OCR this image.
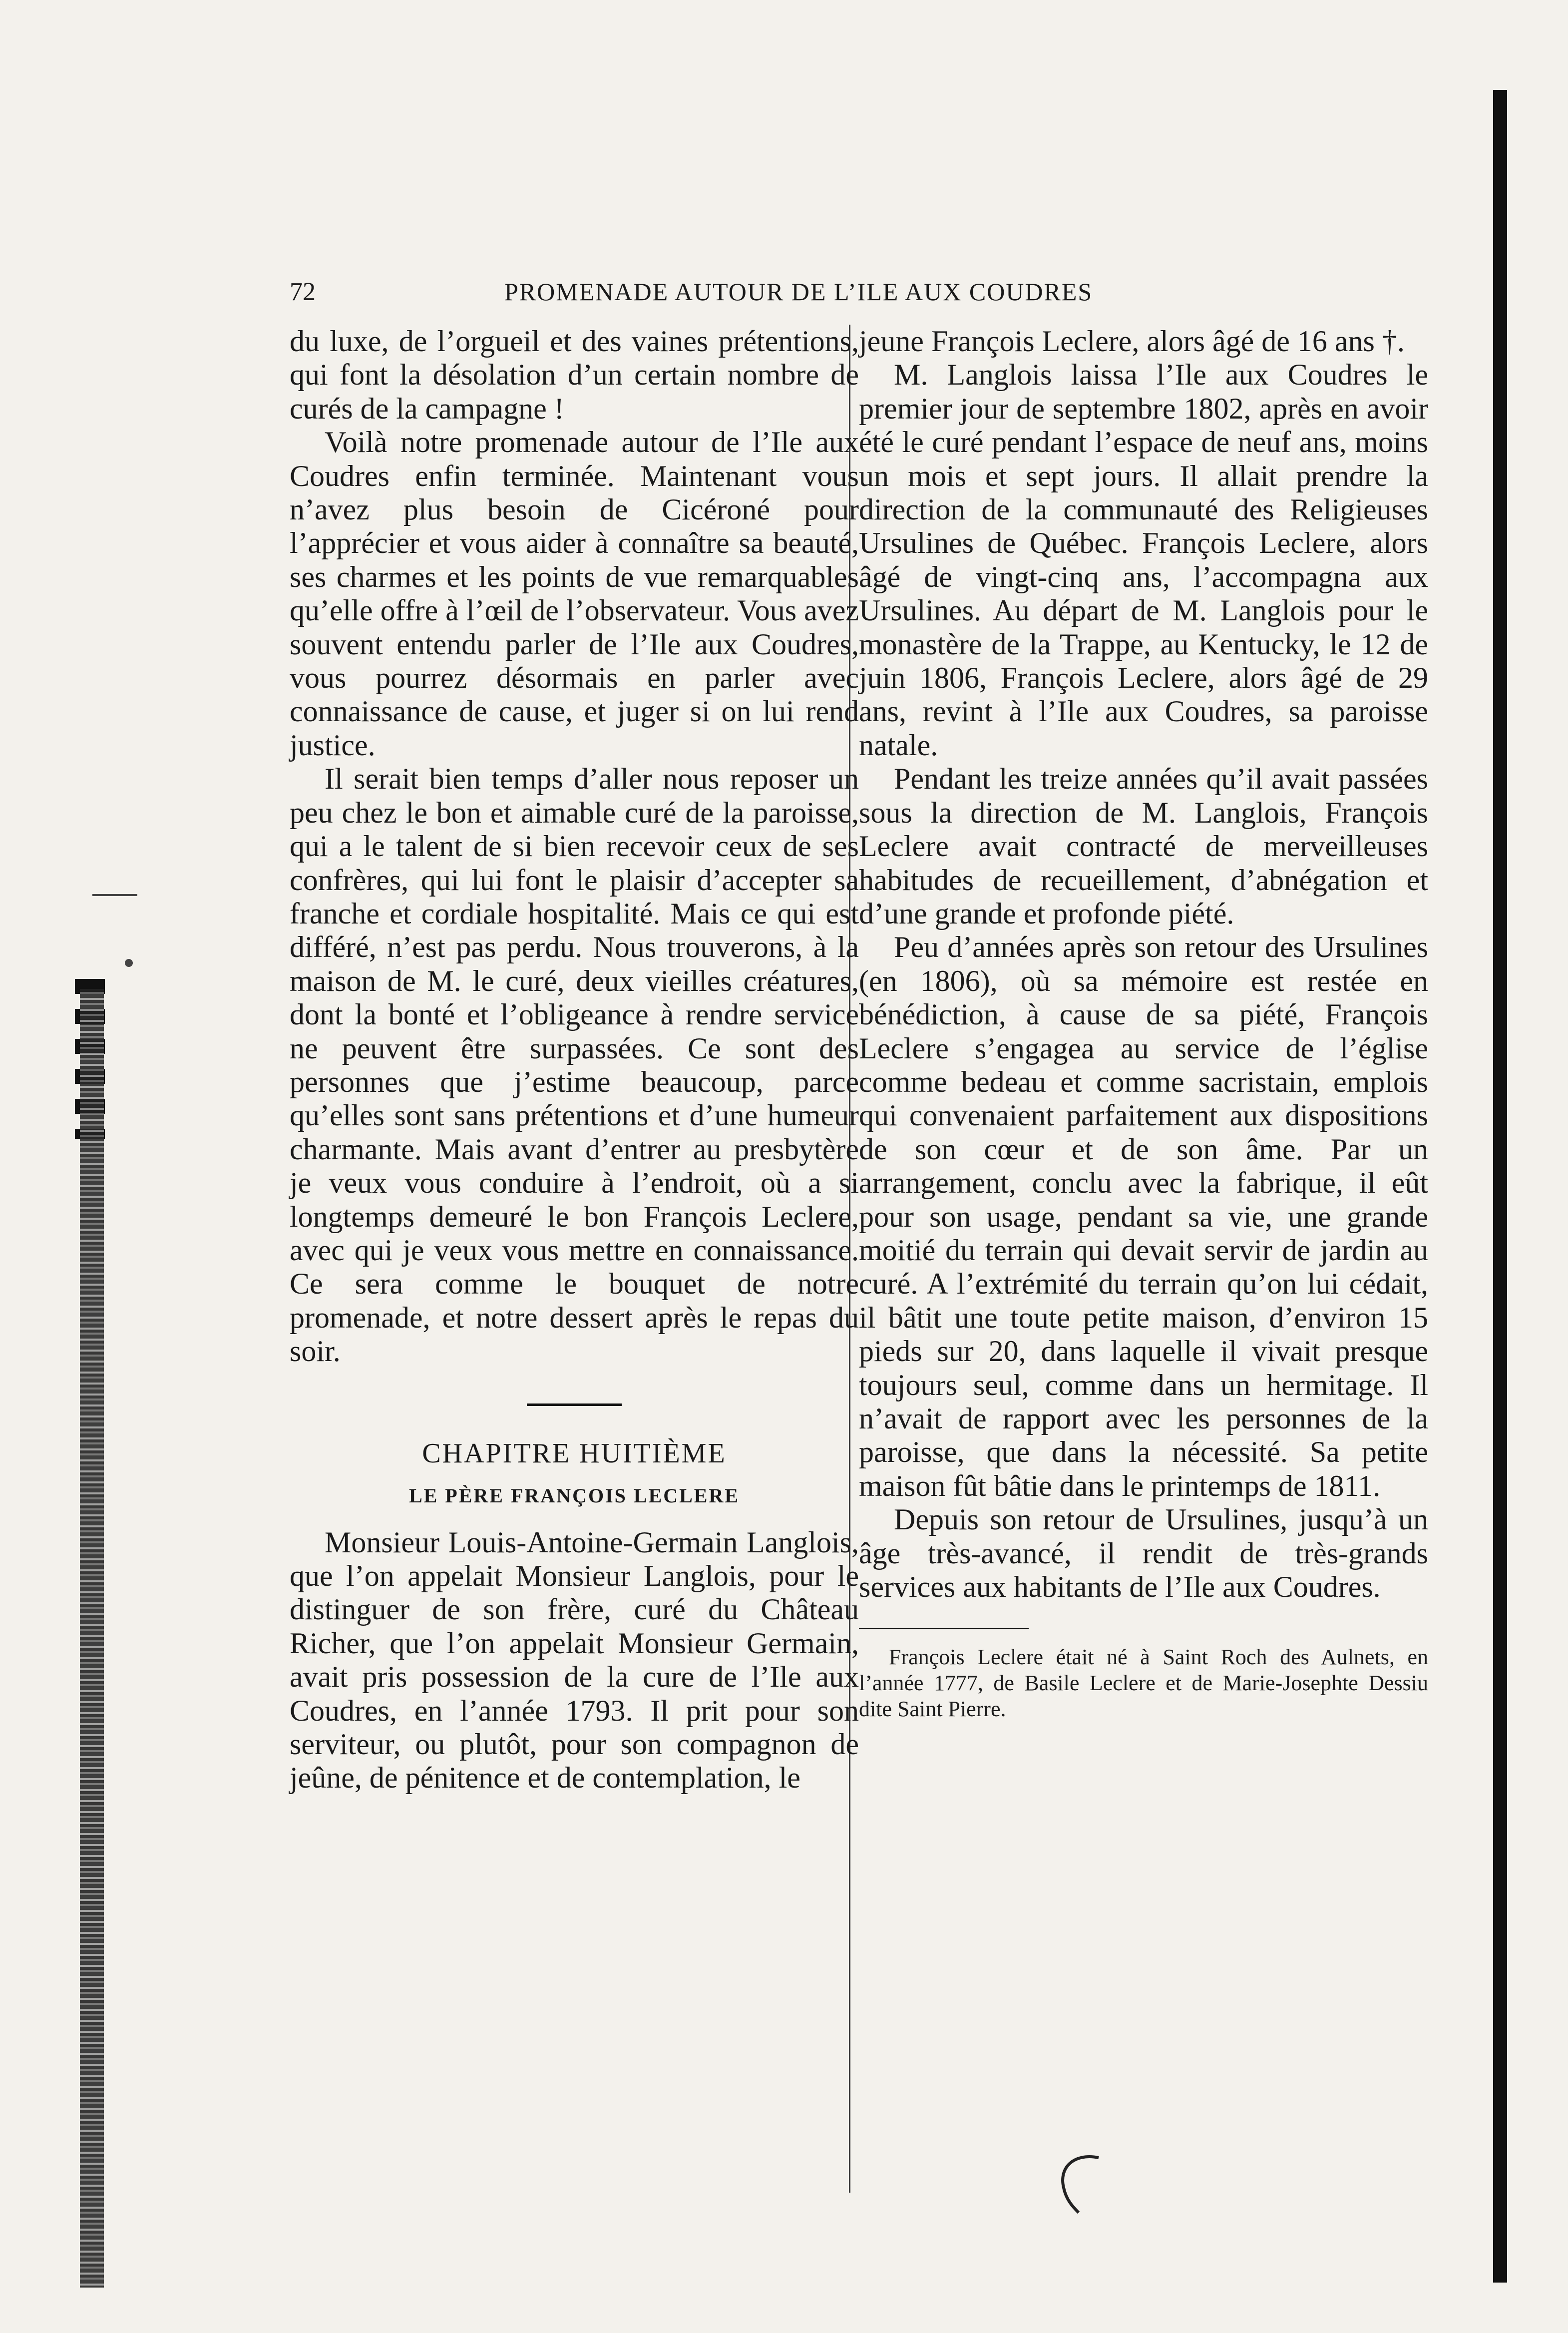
72	PROMENADE AUTOUR DE L’ILE AUX COUDRES

du luxe, de l’orgueil et des vaines prétentions, qui font la désolation d’un certain nombre de curés de la campagne !

Voilà notre promenade autour de l’Ile aux Coudres enfin terminée. Maintenant vous n’avez plus besoin de Cicéroné pour l’apprécier et vous aider à connaître sa beauté, ses charmes et les points de vue remarquables qu’elle offre à l’œil de l’observateur. Vous avez souvent entendu parler de l’Ile aux Coudres, vous pourrez désormais en parler avec connaissance de cause, et juger si on lui rend justice.

Il serait bien temps d’aller nous reposer un peu chez le bon et aimable curé de la paroisse, qui a le talent de si bien recevoir ceux de ses confrères, qui lui font le plaisir d’accepter sa franche et cordiale hospitalité. Mais ce qui est différé, n’est pas perdu. Nous trouverons, à la maison de M. le curé, deux vieilles créatures, dont la bonté et l’obligeance à rendre service ne peuvent être surpassées. Ce sont des personnes que j’estime beaucoup, parce qu’elles sont sans prétentions et d’une humeur charmante. Mais avant d’entrer au presbytère je veux vous conduire à l’endroit, où a si longtemps demeuré le bon François Leclere, avec qui je veux vous mettre en connaissance. Ce sera comme le bouquet de notre promenade, et notre dessert après le repas du soir.

CHAPITRE HUITIÈME

LE PÈRE FRANÇOIS LECLERE

Monsieur Louis-Antoine-Germain Langlois, que l’on appelait Monsieur Langlois, pour le distinguer de son frère, curé du Château Richer, que l’on appelait Monsieur Germain, avait pris possession de la cure de l’Ile aux Coudres, en l’année 1793. Il prit pour son serviteur, ou plutôt, pour son compagnon de jeûne, de pénitence et de contemplation, le

jeune François Leclere, alors âgé de 16 ans †.

M. Langlois laissa l’Ile aux Coudres le premier jour de septembre 1802, après en avoir été le curé pendant l’espace de neuf ans, moins un mois et sept jours. Il allait prendre la direction de la communauté des Religieuses Ursulines de Québec. François Leclere, alors âgé de vingt-cinq ans, l’accompagna aux Ursulines. Au départ de M. Langlois pour le monastère de la Trappe, au Kentucky, le 12 de juin 1806, François Leclere, alors âgé de 29 ans, revint à l’Ile aux Coudres, sa paroisse natale.

Pendant les treize années qu’il avait passées sous la direction de M. Langlois, François Leclere avait contracté de merveilleuses habitudes de recueillement, d’abnégation et d’une grande et profonde piété.

Peu d’années après son retour des Ursulines (en 1806), où sa mémoire est restée en bénédiction, à cause de sa piété, François Leclere s’engagea au service de l’église comme bedeau et comme sacristain, emplois qui convenaient parfaitement aux dispositions de son cœur et de son âme. Par un arrangement, conclu avec la fabrique, il eût pour son usage, pendant sa vie, une grande moitié du terrain qui devait servir de jardin au curé. A l’extrémité du terrain qu’on lui cédait, il bâtit une toute petite maison, d’environ 15 pieds sur 20, dans laquelle il vivait presque toujours seul, comme dans un hermitage. Il n’avait de rapport avec les personnes de la paroisse, que dans la nécessité. Sa petite maison fût bâtie dans le printemps de 1811.

Depuis son retour de Ursulines, jusqu’à un âge très-avancé, il rendit de très-grands services aux habitants de l’Ile aux Coudres.

François Leclere était né à Saint Roch des Aulnets, en l’année 1777, de Basile Leclere et de Marie-Josephte Dessiu dite Saint Pierre.
